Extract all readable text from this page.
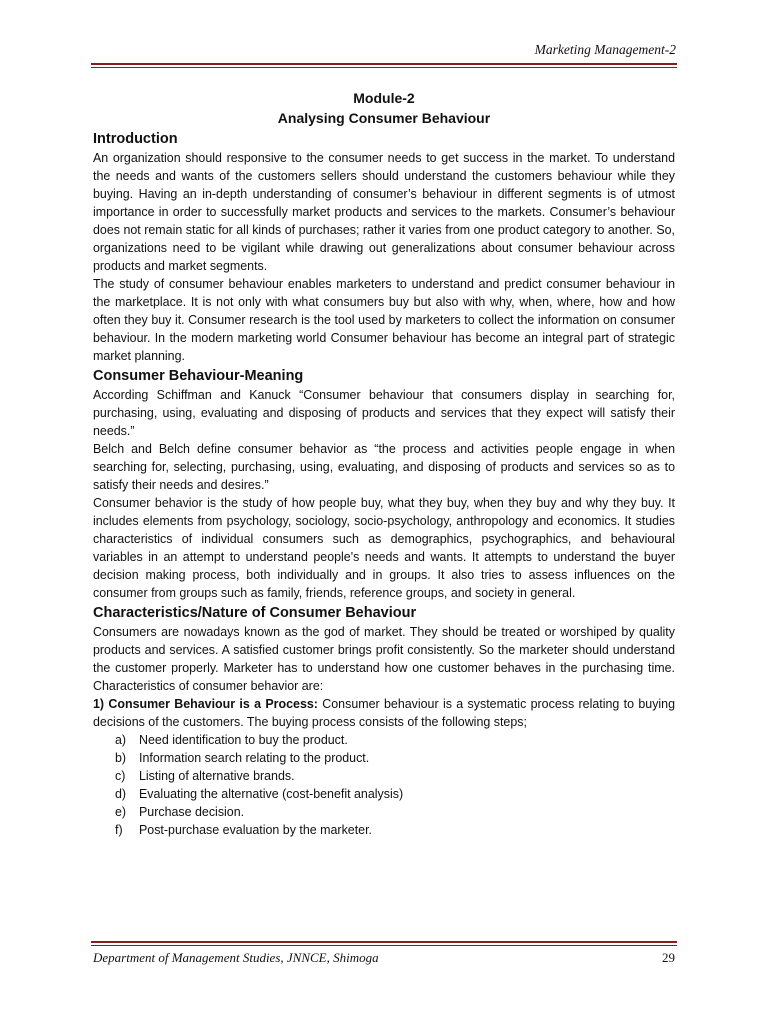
Marketing Management-2
Module-2
Analysing Consumer Behaviour
Introduction

An organization should responsive to the consumer needs to get success in the market. To understand the needs and wants of the customers sellers should understand the customers behaviour while they buying. Having an in-depth understanding of consumer’s behaviour in different segments is of utmost importance in order to successfully market products and services to the markets. Consumer’s behaviour does not remain static for all kinds of purchases; rather it varies from one product category to another. So, organizations need to be vigilant while drawing out generalizations about consumer behaviour across products and market segments.

The study of consumer behaviour enables marketers to understand and predict consumer behaviour in the marketplace. It is not only with what consumers buy but also with why, when, where, how and how often they buy it. Consumer research is the tool used by marketers to collect the information on consumer behaviour. In the modern marketing world Consumer behaviour has become an integral part of strategic market planning.

Consumer Behaviour-Meaning

According Schiffman and Kanuck “Consumer behaviour that consumers display in searching for, purchasing, using, evaluating and disposing of products and services that they expect will satisfy their needs.”

Belch and Belch define consumer behavior as “the process and activities people engage in when searching for, selecting, purchasing, using, evaluating, and disposing of products and services so as to satisfy their needs and desires.”

Consumer behavior is the study of how people buy, what they buy, when they buy and why they buy. It includes elements from psychology, sociology, socio-psychology, anthropology and economics. It studies characteristics of individual consumers such as demographics, psychographics, and behavioural variables in an attempt to understand people's needs and wants. It attempts to understand the buyer decision making process, both individually and in groups. It also tries to assess influences on the consumer from groups such as family, friends, reference groups, and society in general.

Characteristics/Nature of Consumer Behaviour

Consumers are nowadays known as the god of market. They should be treated or worshiped by quality products and services. A satisfied customer brings profit consistently. So the marketer should understand the customer properly. Marketer has to understand how one customer behaves in the purchasing time. Characteristics of consumer behavior are:

1) Consumer Behaviour is a Process: Consumer behaviour is a systematic process relating to buying decisions of the customers. The buying process consists of the following steps;

a)	Need identification to buy the product.
b)	Information search relating to the product.
c)	Listing of alternative brands.
d)	Evaluating the alternative (cost-benefit analysis)
e)	Purchase decision.
f)	Post-purchase evaluation by the marketer.
Department of Management Studies, JNNCE, Shimoga	29
